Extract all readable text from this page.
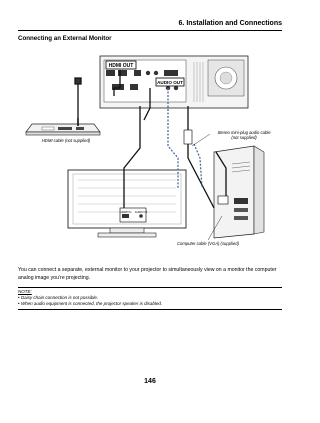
6. Installation and Connections
Connecting an External Monitor
HDMI OUT
AUDIO OUT
HDMI IN AUDIO IN
Stereo mini-plug audio cable
(not supplied)
HDMI cable (not supplied)
Computer cable (VGA) (supplied)
You can connect a separate, external monitor to your projector to simultaneously view on a monitor the computer analog image you’re projecting.
NOTE:
• Daisy chain connection is not possible.
• When audio equipment is connected, the projector speaker is disabled.
146
